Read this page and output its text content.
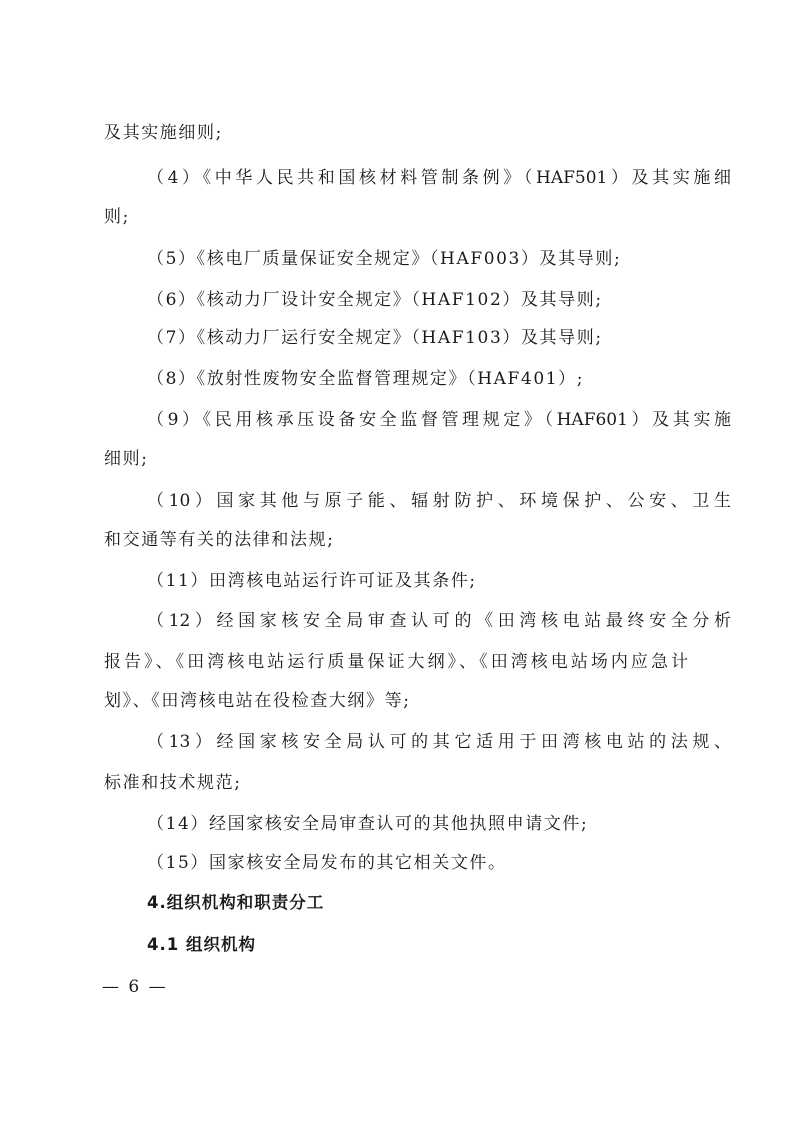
及其实施细则;
（4）《中华人民共和国核材料管制条例》（HAF501）及其实施细
则;
（5）《核电厂质量保证安全规定》（HAF003）及其导则;
（6）《核动力厂设计安全规定》（HAF102）及其导则;
（7）《核动力厂运行安全规定》（HAF103）及其导则;
（8）《放射性废物安全监督管理规定》（HAF401）;
（9）《民用核承压设备安全监督管理规定》（HAF601）及其实施
细则;
（10）国家其他与原子能、辐射防护、环境保护、公安、卫生
和交通等有关的法律和法规;
（11）田湾核电站运行许可证及其条件;
（12）经国家核安全局审查认可的《田湾核电站最终安全分析
报告》、《田湾核电站运行质量保证大纲》、《田湾核电站场内应急计
划》、《田湾核电站在役检查大纲》等;
（13）经国家核安全局认可的其它适用于田湾核电站的法规、
标准和技术规范;
（14）经国家核安全局审查认可的其他执照申请文件;
（15）国家核安全局发布的其它相关文件。
4.组织机构和职责分工
4.1 组织机构
— 6 —
